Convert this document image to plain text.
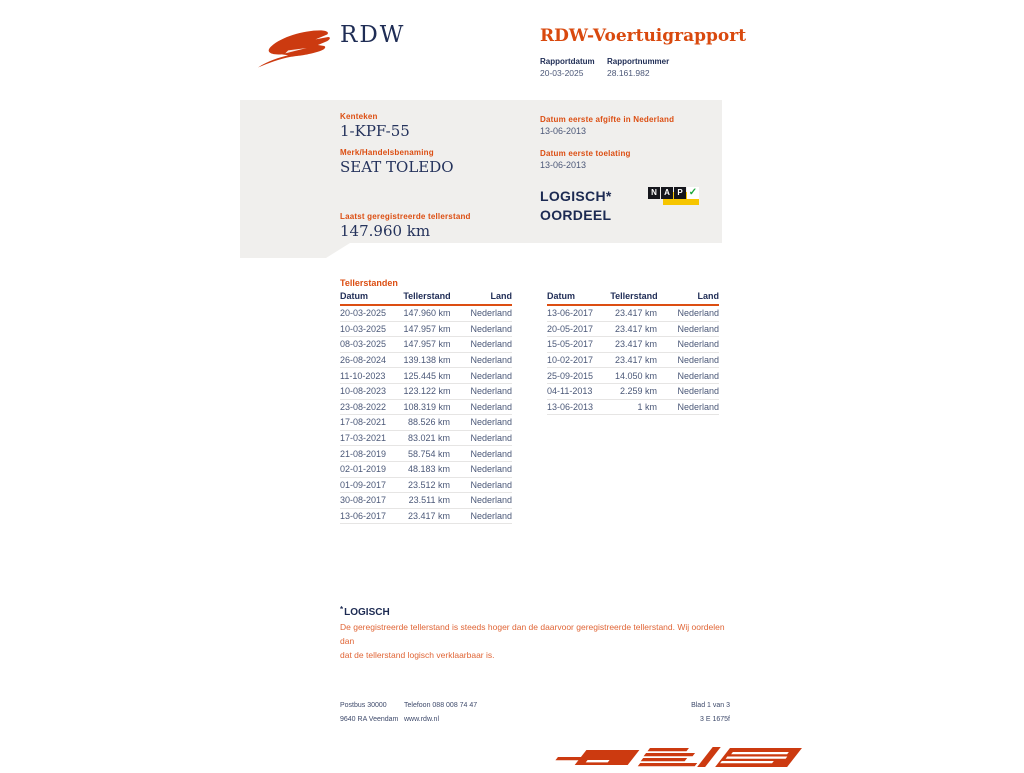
RDW	RDW-Voertuigrapport
Rapportdatum
20-03-2025
Rapportnummer
28.161.982
Kenteken
1-KPF-55
Merk/Handelsbenaming
SEAT TOLEDO
Laatst geregistreerde tellerstand
147.960 km
Datum eerste afgifte in Nederland
13-06-2013
Datum eerste toelating
13-06-2013
LOGISCH*
OORDEEL
N A P ✓
Tellerstanden
Datum	Tellerstand	Land
20-03-2025	147.960 km	Nederland
10-03-2025	147.957 km	Nederland
08-03-2025	147.957 km	Nederland
26-08-2024	139.138 km	Nederland
11-10-2023	125.445 km	Nederland
10-08-2023	123.122 km	Nederland
23-08-2022	108.319 km	Nederland
17-08-2021	88.526 km	Nederland
17-03-2021	83.021 km	Nederland
21-08-2019	58.754 km	Nederland
02-01-2019	48.183 km	Nederland
01-09-2017	23.512 km	Nederland
30-08-2017	23.511 km	Nederland
13-06-2017	23.417 km	Nederland
Datum	Tellerstand	Land
13-06-2017	23.417 km	Nederland
20-05-2017	23.417 km	Nederland
15-05-2017	23.417 km	Nederland
10-02-2017	23.417 km	Nederland
25-09-2015	14.050 km	Nederland
04-11-2013	2.259 km	Nederland
13-06-2013	1 km	Nederland
*LOGISCH
De geregistreerde tellerstand is steeds hoger dan de daarvoor geregistreerde tellerstand. Wij oordelen dan
dat de tellerstand logisch verklaarbaar is.
Postbus 30000
9640 RA Veendam
Telefoon 088 008 74 47
www.rdw.nl
Blad 1 van 3
3 E 1675f
